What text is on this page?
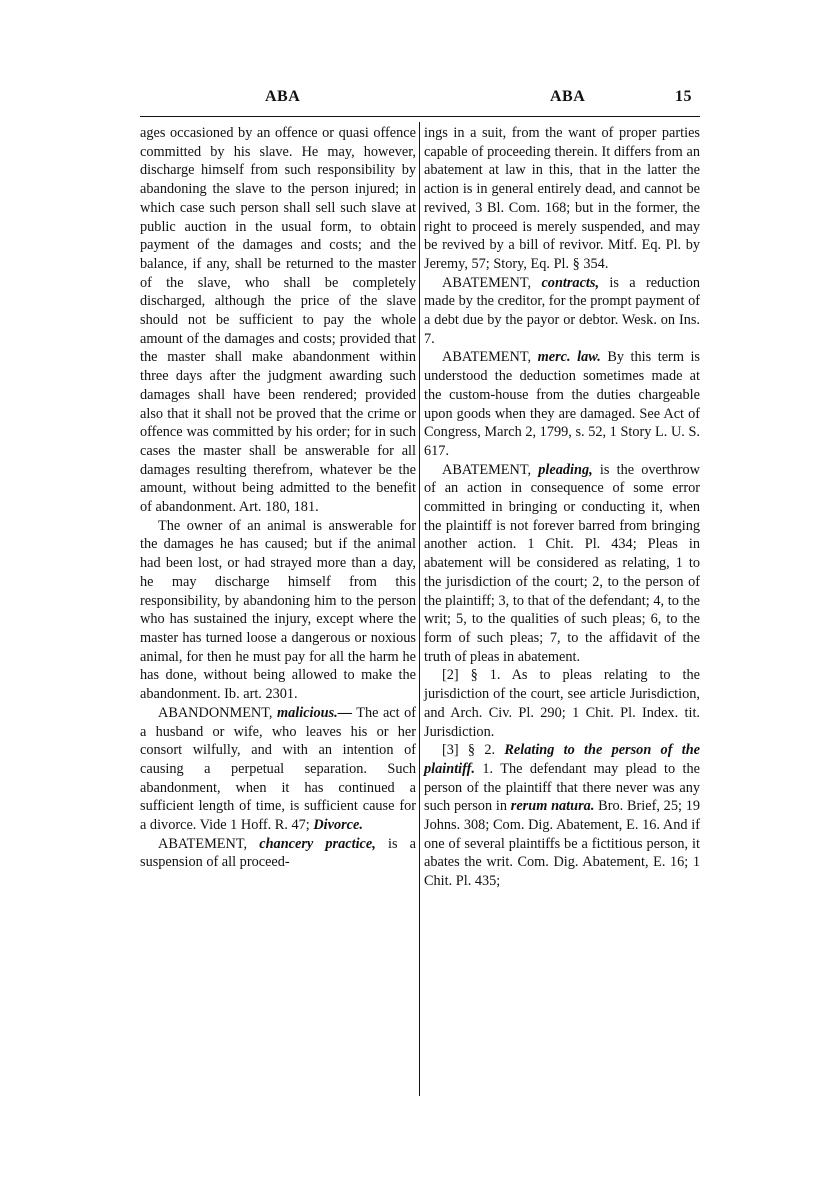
ABA	ABA	15

ages occasioned by an offence or quasi offence committed by his slave. He may, however, discharge himself from such responsibility by abandoning the slave to the person injured; in which case such person shall sell such slave at public auction in the usual form, to obtain payment of the damages and costs; and the balance, if any, shall be returned to the master of the slave, who shall be completely discharged, although the price of the slave should not be sufficient to pay the whole amount of the damages and costs; provided that the master shall make abandonment within three days after the judgment awarding such damages shall have been rendered; provided also that it shall not be proved that the crime or offence was committed by his order; for in such cases the master shall be answerable for all damages resulting therefrom, whatever be the amount, without being admitted to the benefit of abandonment. Art. 180, 181.

The owner of an animal is answerable for the damages he has caused; but if the animal had been lost, or had strayed more than a day, he may discharge himself from this responsibility, by abandoning him to the person who has sustained the injury, except where the master has turned loose a dangerous or noxious animal, for then he must pay for all the harm he has done, without being allowed to make the abandonment. Ib. art. 2301.

ABANDONMENT, malicious.— The act of a husband or wife, who leaves his or her consort wilfully, and with an intention of causing a perpetual separation. Such abandonment, when it has continued a sufficient length of time, is sufficient cause for a divorce. Vide 1 Hoff. R. 47; Divorce.

ABATEMENT, chancery practice, is a suspension of all proceed-

ings in a suit, from the want of proper parties capable of proceeding therein. It differs from an abatement at law in this, that in the latter the action is in general entirely dead, and cannot be revived, 3 Bl. Com. 168; but in the former, the right to proceed is merely suspended, and may be revived by a bill of revivor. Mitf. Eq. Pl. by Jeremy, 57; Story, Eq. Pl. § 354.

ABATEMENT, contracts, is a reduction made by the creditor, for the prompt payment of a debt due by the payor or debtor. Wesk. on Ins. 7.

ABATEMENT, merc. law. By this term is understood the deduction sometimes made at the custom-house from the duties chargeable upon goods when they are damaged. See Act of Congress, March 2, 1799, s. 52, 1 Story L. U. S. 617.

ABATEMENT, pleading, is the overthrow of an action in consequence of some error committed in bringing or conducting it, when the plaintiff is not forever barred from bringing another action. 1 Chit. Pl. 434; Pleas in abatement will be considered as relating, 1 to the jurisdiction of the court; 2, to the person of the plaintiff; 3, to that of the defendant; 4, to the writ; 5, to the qualities of such pleas; 6, to the form of such pleas; 7, to the affidavit of the truth of pleas in abatement.

[2] § 1. As to pleas relating to the jurisdiction of the court, see article Jurisdiction, and Arch. Civ. Pl. 290; 1 Chit. Pl. Index. tit. Jurisdiction.

[3] § 2. Relating to the person of the plaintiff. 1. The defendant may plead to the person of the plaintiff that there never was any such person in rerum natura. Bro. Brief, 25; 19 Johns. 308; Com. Dig. Abatement, E. 16. And if one of several plaintiffs be a fictitious person, it abates the writ. Com. Dig. Abatement, E. 16; 1 Chit. Pl. 435;
